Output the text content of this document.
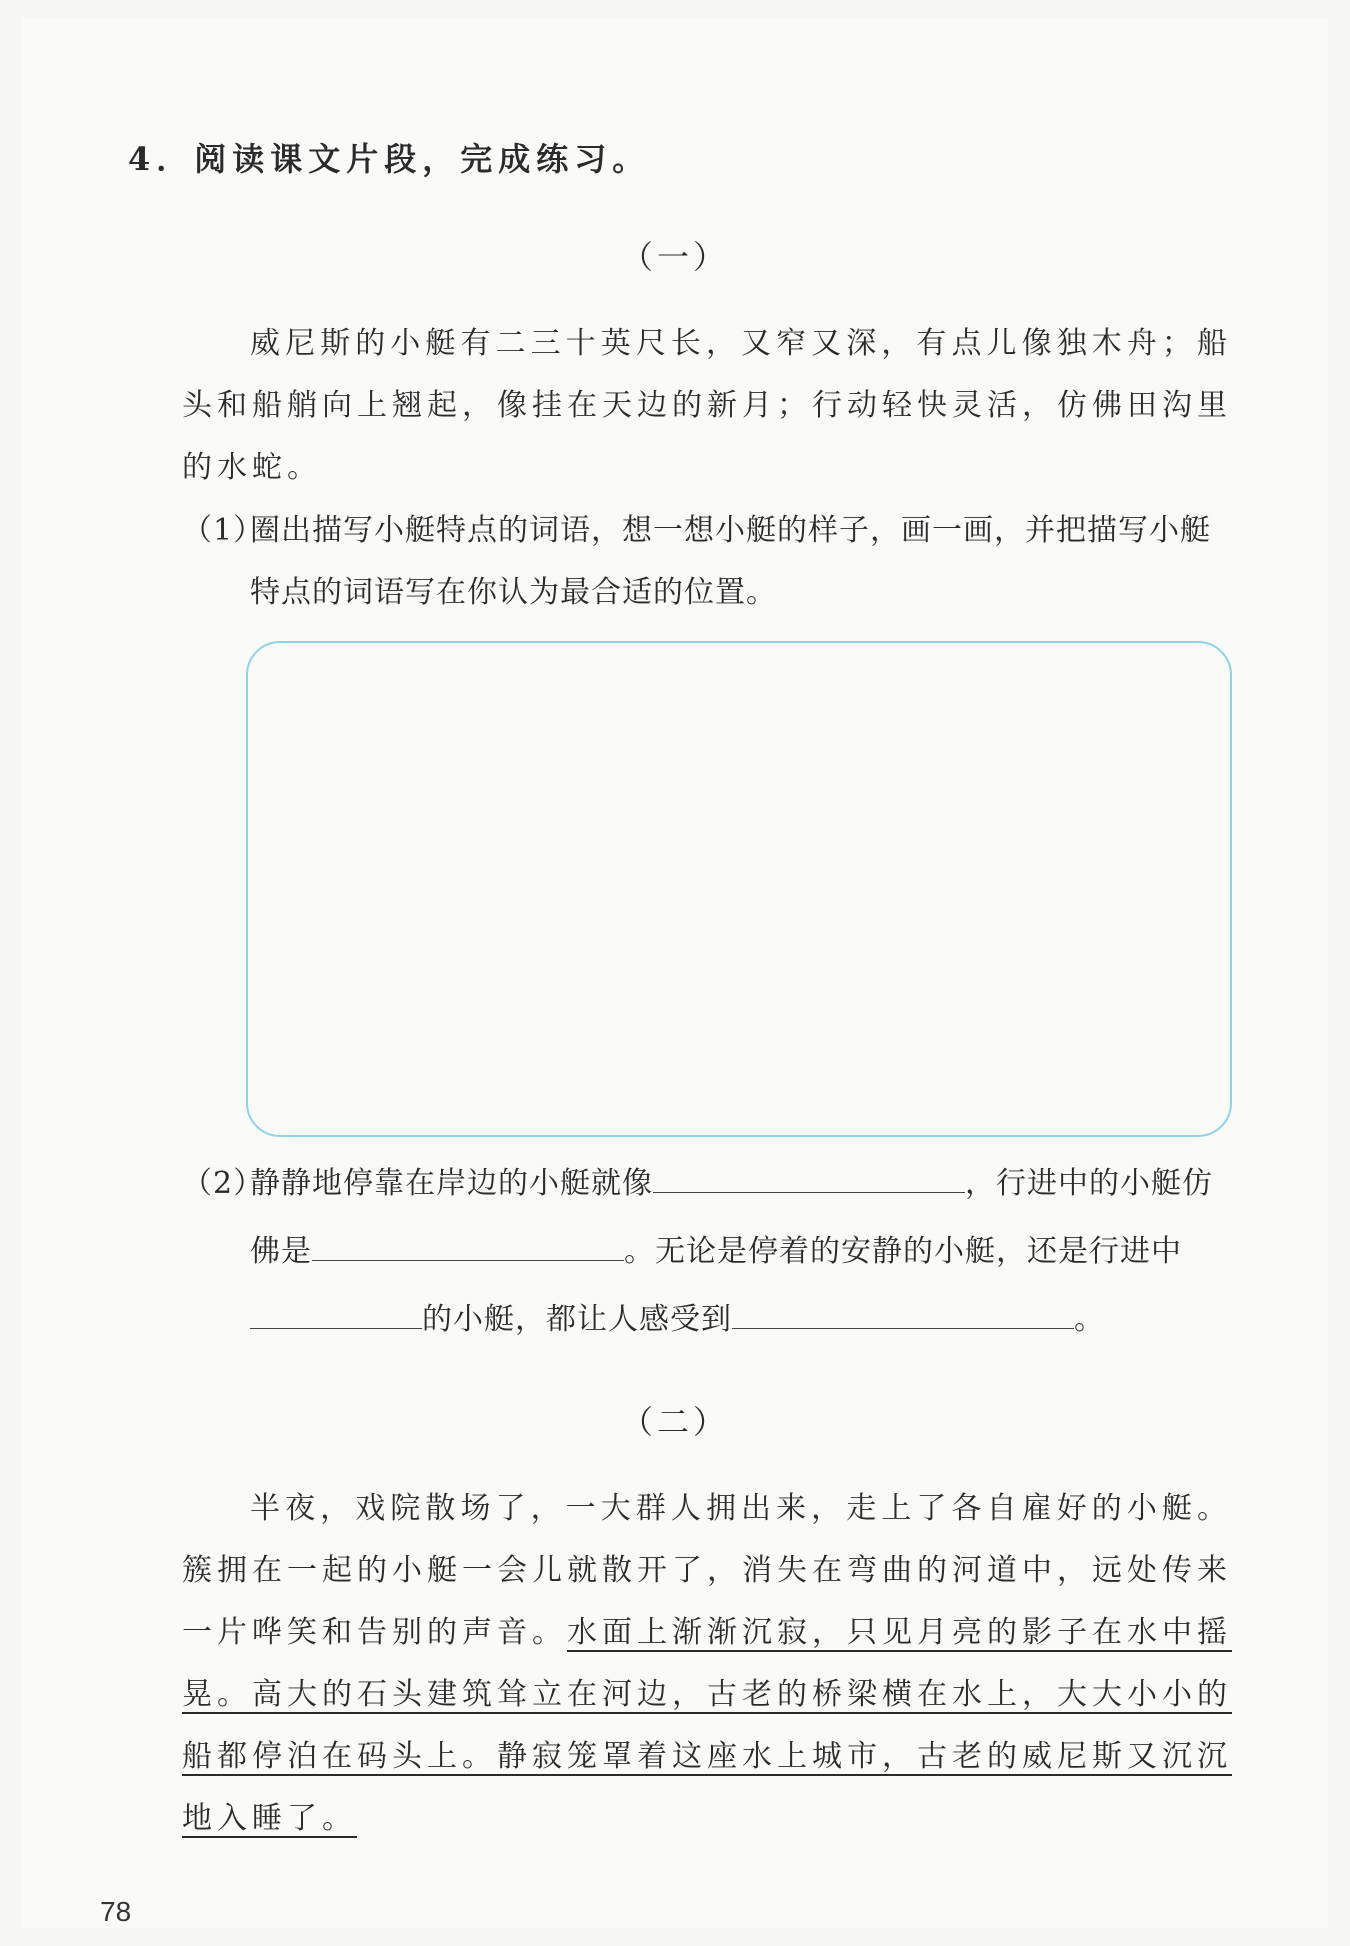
4．阅读课文片段，完成练习。
（一）
威尼斯的小艇有二三十英尺长，又窄又深，有点儿像独木舟；船头和船艄向上翘起，像挂在天边的新月；行动轻快灵活，仿佛田沟里的水蛇。
（1）
圈出描写小艇特点的词语，想一想小艇的样子，画一画，并把描写小艇特点的词语写在你认为最合适的位置。
（2）
静静地停靠在岸边的小艇就像	，行进中的小艇仿佛是	。无论是停着的安静的小艇，还是行进中的小艇，都让人感受到	。
（二）
半夜，戏院散场了，一大群人拥出来，走上了各自雇好的小艇。簇拥在一起的小艇一会儿就散开了，消失在弯曲的河道中，远处传来一片哗笑和告别的声音。水面上渐渐沉寂，只见月亮的影子在水中摇晃。高大的石头建筑耸立在河边，古老的桥梁横在水上，大大小小的船都停泊在码头上。静寂笼罩着这座水上城市，古老的威尼斯又沉沉地入睡了。
78
